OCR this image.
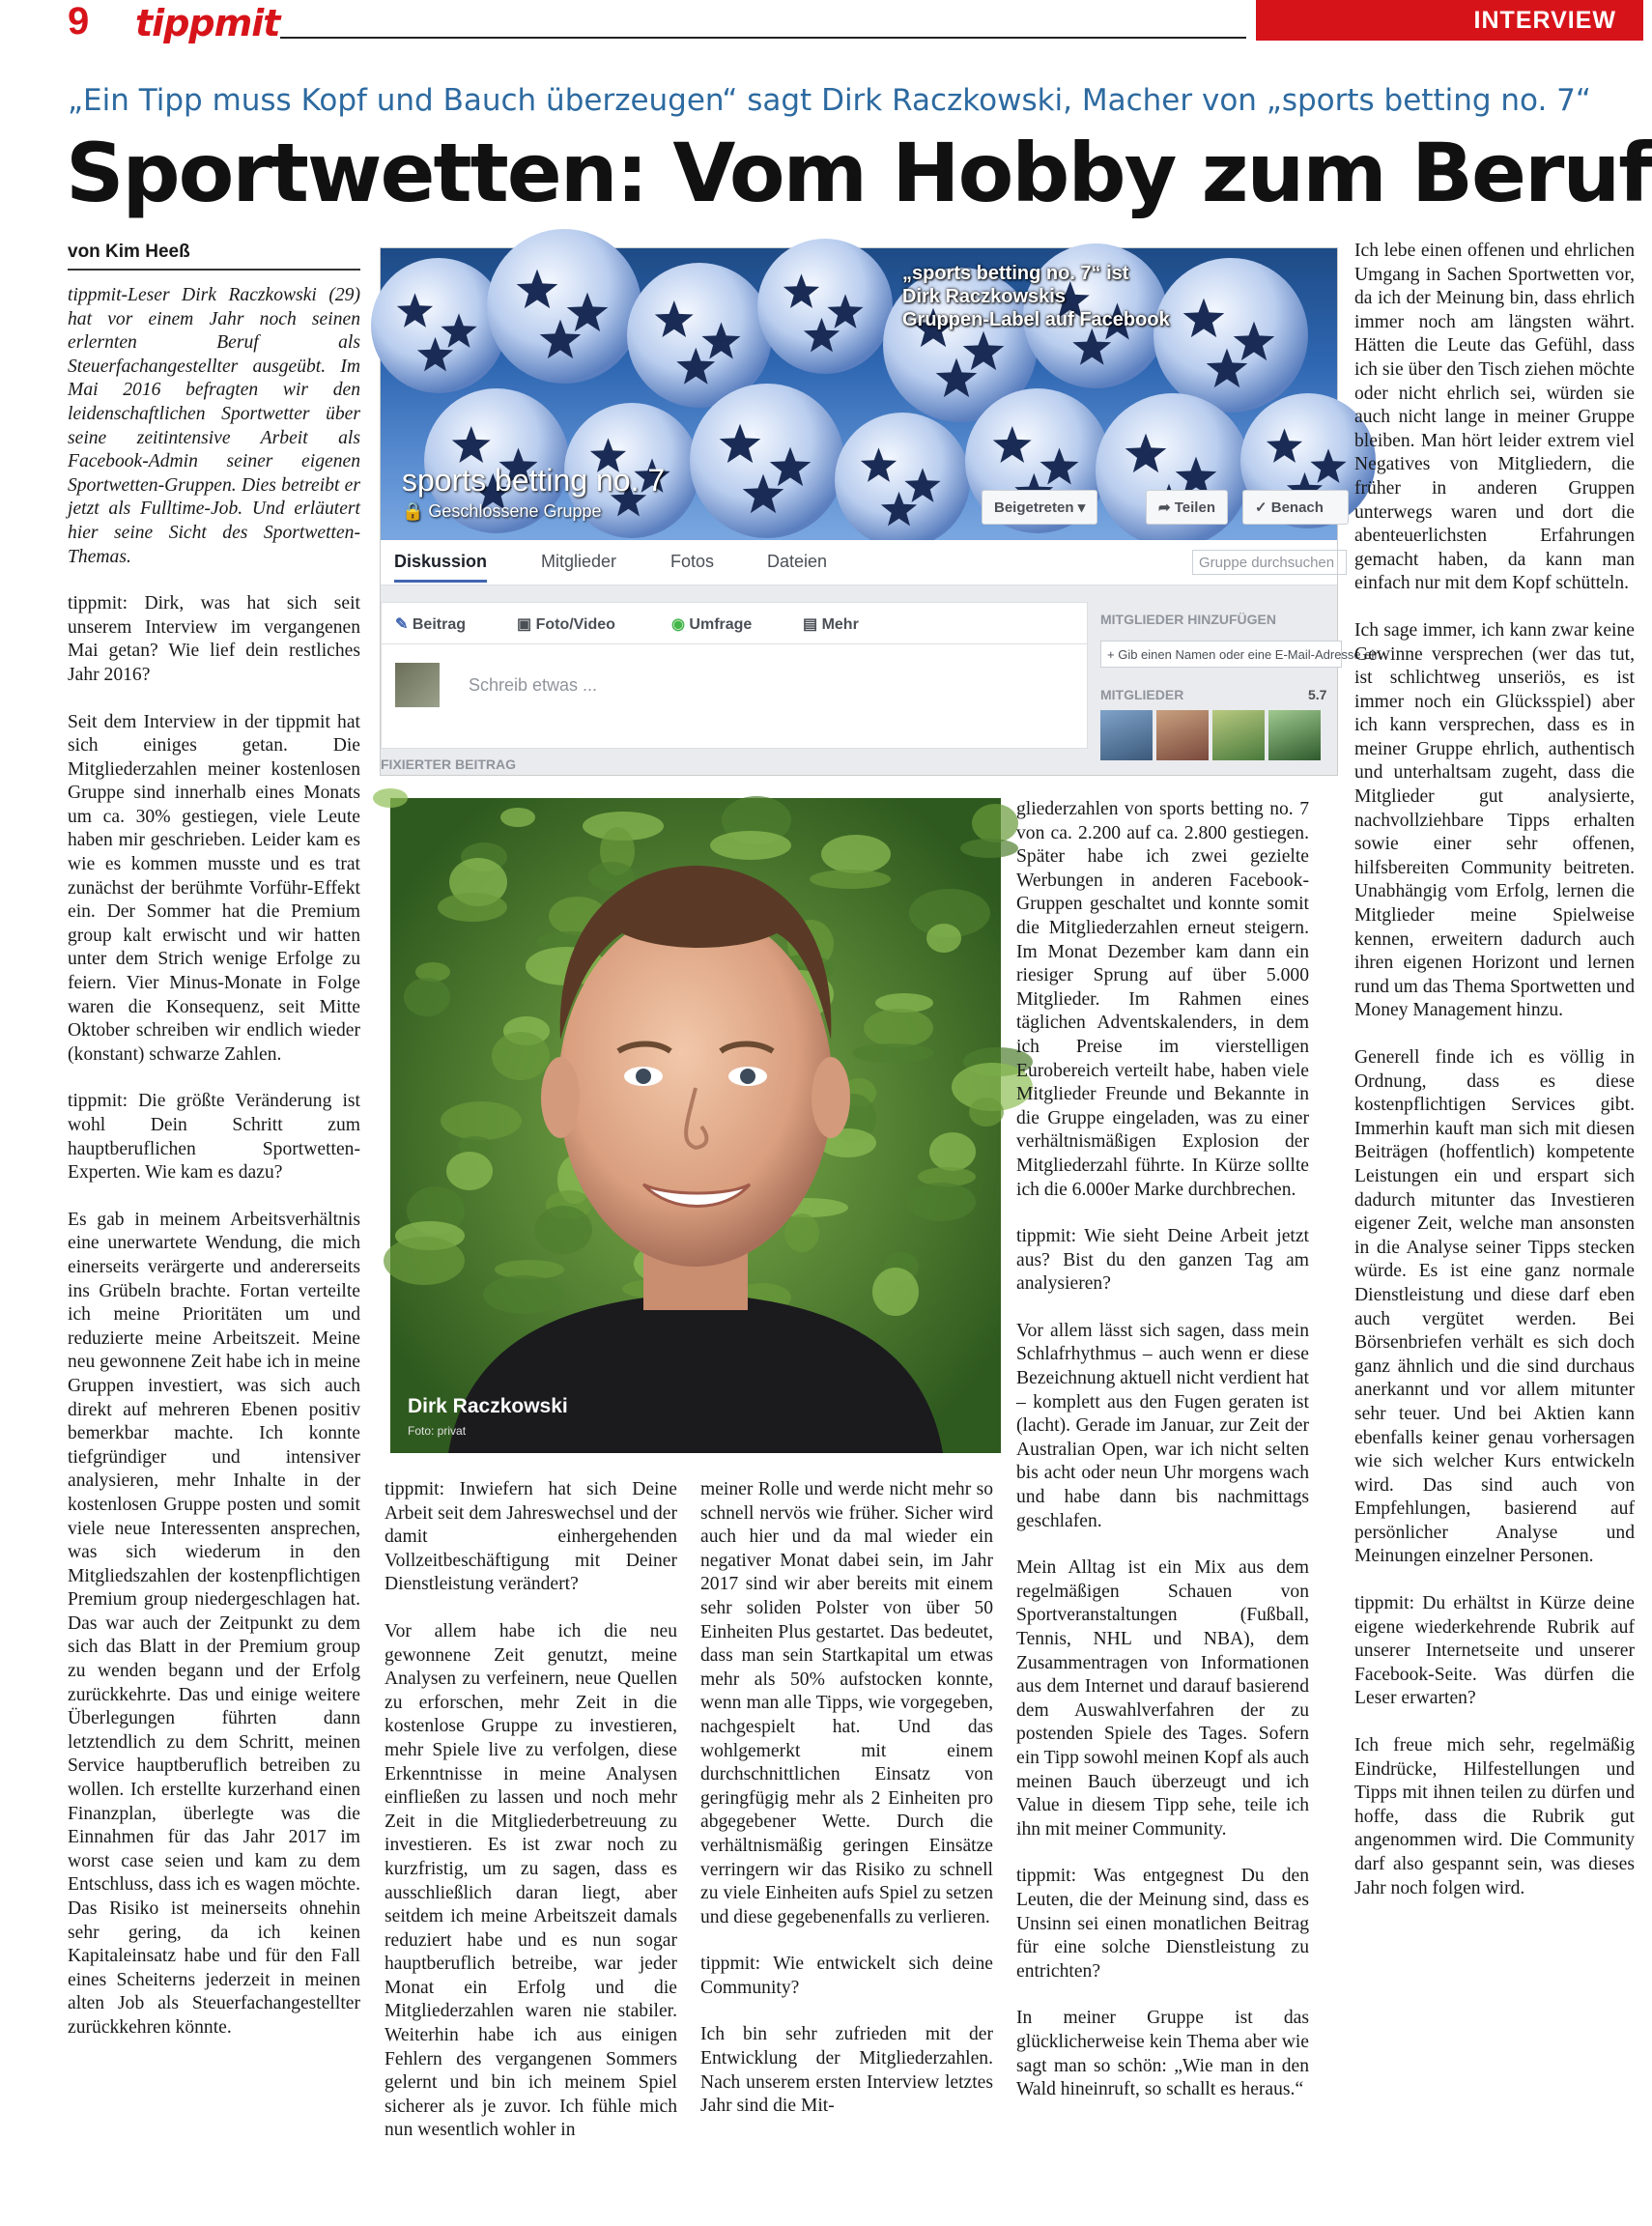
9 tippmit	INTERVIEW
„Ein Tipp muss Kopf und Bauch überzeugen“ sagt Dirk Raczkowski, Macher von „sports betting no. 7“
Sportwetten: Vom Hobby zum Beruf
von Kim Heeß

tippmit-Leser Dirk Raczkowski (29) hat vor einem Jahr noch seinen erlernten Beruf als Steuerfachangestellter ausgeübt. Im Mai 2016 befragten wir den leidenschaftlichen Sportwetter über seine zeitintensive Arbeit als Facebook-Admin seiner eigenen Sportwetten-Gruppen. Dies betreibt er jetzt als Fulltime-Job. Und erläutert hier seine Sicht des Sportwetten-Themas.

tippmit: Dirk, was hat sich seit unserem Interview im vergangenen Mai getan? Wie lief dein restliches Jahr 2016?

Seit dem Interview in der tippmit hat sich einiges getan. Die Mitgliederzahlen meiner kostenlosen Gruppe sind innerhalb eines Monats um ca. 30% gestiegen, viele Leute haben mir geschrieben. Leider kam es wie es kommen musste und es trat zunächst der berühmte Vorführ-Effekt ein. Der Sommer hat die Premium group kalt erwischt und wir hatten unter dem Strich wenige Erfolge zu feiern. Vier Minus-Monate in Folge waren die Konsequenz, seit Mitte Oktober schreiben wir endlich wieder (konstant) schwarze Zahlen.

tippmit: Die größte Veränderung ist wohl Dein Schritt zum hauptberuflichen Sportwetten-Experten. Wie kam es dazu?

Es gab in meinem Arbeitsverhältnis eine unerwartete Wendung, die mich einerseits verärgerte und andererseits ins Grübeln brachte. Fortan verteilte ich meine Prioritäten um und reduzierte meine Arbeitszeit. Meine neu gewonnene Zeit habe ich in meine Gruppen investiert, was sich auch direkt auf mehreren Ebenen positiv bemerkbar machte. Ich konnte tiefgründiger und intensiver analysieren, mehr Inhalte in der kostenlosen Gruppe posten und somit viele neue Interessenten ansprechen, was sich wiederum in den Mitgliedszahlen der kostenpflichtigen Premium group niedergeschlagen hat. Das war auch der Zeitpunkt zu dem sich das Blatt in der Premium group zu wenden begann und der Erfolg zurückkehrte. Das und einige weitere Überlegungen führten dann letztendlich zu dem Schritt, meinen Service hauptberuflich betreiben zu wollen. Ich erstellte kurzerhand einen Finanzplan, überlegte was die Einnahmen für das Jahr 2017 im worst case seien und kam zu dem Entschluss, dass ich es wagen möchte. Das Risiko ist meinerseits ohnehin sehr gering, da ich keinen Kapitaleinsatz habe und für den Fall eines Scheiterns jederzeit in meinen alten Job als Steuerfachangestellter zurückkehren könnte.

„sports betting no. 7“ ist
Dirk Raczkowskis
Gruppen-Label auf Facebook
sports betting no. 7
🔒 Geschlossene Gruppe	Beigetreten ▾	➦ Teilen	✓ Benach
Diskussion	Mitglieder	Fotos	Dateien	Gruppe durchsuchen
✎ Beitrag	▣ Foto/Video	◉ Umfrage	▤ Mehr
Schreib etwas ...
FIXIERTER BEITRAG
MITGLIEDER HINZUFÜGEN
+ Gib einen Namen oder eine E-Mail-Adresse ein
MITGLIEDER	5.7
Dirk Raczkowski
Foto: privat

tippmit: Inwiefern hat sich Deine Arbeit seit dem Jahreswechsel und der damit einhergehenden Vollzeitbeschäftigung mit Deiner Dienstleistung verändert?

Vor allem habe ich die neu gewonnene Zeit genutzt, meine Analysen zu verfeinern, neue Quellen zu erforschen, mehr Zeit in die kostenlose Gruppe zu investieren, mehr Spiele live zu verfolgen, diese Erkenntnisse in meine Analysen einfließen zu lassen und noch mehr Zeit in die Mitgliederbetreuung zu investieren. Es ist zwar noch zu kurzfristig, um zu sagen, dass es ausschließlich daran liegt, aber seitdem ich meine Arbeitszeit damals reduziert habe und es nun sogar hauptberuflich betreibe, war jeder Monat ein Erfolg und die Mitgliederzahlen waren nie stabiler. Weiterhin habe ich aus einigen Fehlern des vergangenen Sommers gelernt und bin ich meinem Spiel sicherer als je zuvor. Ich fühle mich nun wesentlich wohler in

meiner Rolle und werde nicht mehr so schnell nervös wie früher. Sicher wird auch hier und da mal wieder ein negativer Monat dabei sein, im Jahr 2017 sind wir aber bereits mit einem sehr soliden Polster von über 50 Einheiten Plus gestartet. Das bedeutet, dass man sein Startkapital um etwas mehr als 50% aufstocken konnte, wenn man alle Tipps, wie vorgegeben, nachgespielt hat. Und das wohlgemerkt mit einem durchschnittlichen Einsatz von geringfügig mehr als 2 Einheiten pro abgegebener Wette. Durch die verhältnismäßig geringen Einsätze verringern wir das Risiko zu schnell zu viele Einheiten aufs Spiel zu setzen und diese gegebenenfalls zu verlieren.

tippmit: Wie entwickelt sich deine Community?

Ich bin sehr zufrieden mit der Entwicklung der Mitgliederzahlen. Nach unserem ersten Interview letztes Jahr sind die Mit-

gliederzahlen von sports betting no. 7 von ca. 2.200 auf ca. 2.800 gestiegen. Später habe ich zwei gezielte Werbungen in anderen Facebook-Gruppen geschaltet und konnte somit die Mitgliederzahlen erneut steigern. Im Monat Dezember kam dann ein riesiger Sprung auf über 5.000 Mitglieder. Im Rahmen eines täglichen Adventskalenders, in dem ich Preise im vierstelligen Eurobereich verteilt habe, haben viele Mitglieder Freunde und Bekannte in die Gruppe eingeladen, was zu einer verhältnismäßigen Explosion der Mitgliederzahl führte. In Kürze sollte ich die 6.000er Marke durchbrechen.

tippmit: Wie sieht Deine Arbeit jetzt aus? Bist du den ganzen Tag am analysieren?

Vor allem lässt sich sagen, dass mein Schlafrhythmus – auch wenn er diese Bezeichnung aktuell nicht verdient hat – komplett aus den Fugen geraten ist (lacht). Gerade im Januar, zur Zeit der Australian Open, war ich nicht selten bis acht oder neun Uhr morgens wach und habe dann bis nachmittags geschlafen.

Mein Alltag ist ein Mix aus dem regelmäßigen Schauen von Sportveranstaltungen (Fußball, Tennis, NHL und NBA), dem Zusammentragen von Informationen aus dem Internet und darauf basierend dem Auswahlverfahren der zu postenden Spiele des Tages. Sofern ein Tipp sowohl meinen Kopf als auch meinen Bauch überzeugt und ich Value in diesem Tipp sehe, teile ich ihn mit meiner Community.

tippmit: Was entgegnest Du den Leuten, die der Meinung sind, dass es Unsinn sei einen monatlichen Beitrag für eine solche Dienstleistung zu entrichten?

In meiner Gruppe ist das glücklicherweise kein Thema aber wie sagt man so schön: „Wie man in den Wald hineinruft, so schallt es heraus.“

Ich lebe einen offenen und ehrlichen Umgang in Sachen Sportwetten vor, da ich der Meinung bin, dass ehrlich immer noch am längsten währt. Hätten die Leute das Gefühl, dass ich sie über den Tisch ziehen möchte oder nicht ehrlich sei, würden sie auch nicht lange in meiner Gruppe bleiben. Man hört leider extrem viel Negatives von Mitgliedern, die früher in anderen Gruppen unterwegs waren und dort die abenteuerlichsten Erfahrungen gemacht haben, da kann man einfach nur mit dem Kopf schütteln.

Ich sage immer, ich kann zwar keine Gewinne versprechen (wer das tut, ist schlichtweg unseriös, es ist immer noch ein Glücksspiel) aber ich kann versprechen, dass es in meiner Gruppe ehrlich, authentisch und unterhaltsam zugeht, dass die Mitglieder gut analysierte, nachvollziehbare Tipps erhalten sowie einer sehr offenen, hilfsbereiten Community beitreten. Unabhängig vom Erfolg, lernen die Mitglieder meine Spielweise kennen, erweitern dadurch auch ihren eigenen Horizont und lernen rund um das Thema Sportwetten und Money Management hinzu.

Generell finde ich es völlig in Ordnung, dass es diese kostenpflichtigen Services gibt. Immerhin kauft man sich mit diesen Beiträgen (hoffentlich) kompetente Leistungen ein und erspart sich dadurch mitunter das Investieren eigener Zeit, welche man ansonsten in die Analyse seiner Tipps stecken würde. Es ist eine ganz normale Dienstleistung und diese darf eben auch vergütet werden. Bei Börsenbriefen verhält es sich doch ganz ähnlich und die sind durchaus anerkannt und vor allem mitunter sehr teuer. Und bei Aktien kann ebenfalls keiner genau vorhersagen wie sich welcher Kurs entwickeln wird. Das sind auch von Empfehlungen, basierend auf persönlicher Analyse und Meinungen einzelner Personen.

tippmit: Du erhältst in Kürze deine eigene wiederkehrende Rubrik auf unserer Internetseite und unserer Facebook-Seite. Was dürfen die Leser erwarten?

Ich freue mich sehr, regelmäßig Eindrücke, Hilfestellungen und Tipps mit ihnen teilen zu dürfen und hoffe, dass die Rubrik gut angenommen wird. Die Community darf also gespannt sein, was dieses Jahr noch folgen wird.
